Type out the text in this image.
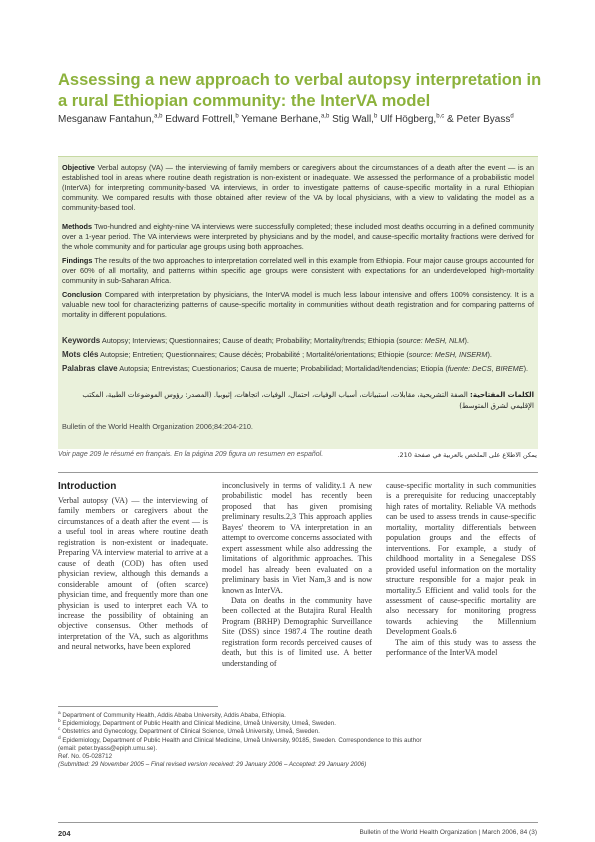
Assessing a new approach to verbal autopsy interpretation in a rural Ethiopian community: the InterVA model
Mesganaw Fantahun,$^{a,b}$ Edward Fottrell,$^b$ Yemane Berhane,$^{a,b}$ Stig Wall,$^b$ Ulf Högberg,$^{b,c}$ & Peter Byass$^d$

Objective Verbal autopsy (VA) — the interviewing of family members or caregivers about the circumstances of a death after the event — is an established tool in areas where routine death registration is non-existent or inadequate. We assessed the performance of a probabilistic model (InterVA) for interpreting community-based VA interviews, in order to investigate patterns of cause-specific mortality in a rural Ethiopian community. We compared results with those obtained after review of the VA by local physicians, with a view to validating the model as a community-based tool.

Methods Two-hundred and eighty-nine VA interviews were successfully completed; these included most deaths occurring in a defined community over a 1-year period. The VA interviews were interpreted by physicians and by the model, and cause-specific mortality fractions were derived for the whole community and for particular age groups using both approaches.

Findings The results of the two approaches to interpretation correlated well in this example from Ethiopia. Four major cause groups accounted for over 60% of all mortality, and patterns within specific age groups were consistent with expectations for an underdeveloped high-mortality community in sub-Saharan Africa.

Conclusion Compared with interpretation by physicians, the InterVA model is much less labour intensive and offers 100% consistency. It is a valuable new tool for characterizing patterns of cause-specific mortality in communities without death registration and for comparing patterns of mortality in different populations.

Keywords Autopsy; Interviews; Questionnaires; Cause of death; Probability; Mortality/trends; Ethiopia (source: MeSH, NLM).

Mots clés Autopsie; Entretien; Questionnaires; Cause décès; Probabilité ; Mortalité/orientations; Ethiopie (source: MeSH, INSERM).

Palabras clave Autopsia; Entrevistas; Cuestionarios; Causa de muerte; Probabilidad; Mortalidad/tendencias; Etiopía (fuente: DeCS, BIREME).

الكلمات المفتاحية: الصفة التشريحية، مقابلات، استبيانات، أسباب الوفيات، احتمال، الوفيات، اتجاهات، إثيوبيا. (المصدر: رؤوس الموضوعات الطبية، المكتب الإقليمي لشرق المتوسط)

Bulletin of the World Health Organization 2006;84:204-210.
Voir page 209 le résumé en français. En la página 209 figura un resumen en español.	يمكن الاطلاع على الملخص بالعربية في صفحة 210.
Introduction

Verbal autopsy (VA) — the interviewing of family members or caregivers about the circumstances of a death after the event — is a useful tool in areas where routine death registration is non-existent or inadequate. Preparing VA interview material to arrive at a cause of death (COD) has often used physician review, although this demands a considerable amount of (often scarce) physician time, and frequently more than one physician is used to interpret each VA to increase the possibility of obtaining an objective consensus. Other methods of interpretation of the VA, such as algorithms and neural networks, have been explored

inconclusively in terms of validity.1 A new probabilistic model has recently been proposed that has given promising preliminary results.2,3 This approach applies Bayes' theorem to VA interpretation in an attempt to overcome concerns associated with expert assessment while also addressing the limitations of algorithmic approaches. This model has already been evaluated on a preliminary basis in Viet Nam,3 and is now known as InterVA.

Data on deaths in the community have been collected at the Butajira Rural Health Program (BRHP) Demographic Surveillance Site (DSS) since 1987.4 The routine death registration form records perceived causes of death, but this is of limited use. A better understanding of

cause-specific mortality in such communities is a prerequisite for reducing unacceptably high rates of mortality. Reliable VA methods can be used to assess trends in cause-specific mortality, mortality differentials between population groups and the effects of interventions. For example, a study of childhood mortality in a Senegalese DSS provided useful information on the mortality structure responsible for a major peak in mortality.5 Efficient and valid tools for the assessment of cause-specific mortality are also necessary for monitoring progress towards achieving the Millennium Development Goals.6

The aim of this study was to assess the performance of the InterVA model

$^a$ Department of Community Health, Addis Ababa University, Addis Ababa, Ethiopia.

$^b$ Epidemiology, Department of Public Health and Clinical Medicine, Umeå University, Umeå, Sweden.

$^c$ Obstetrics and Gynecology, Department of Clinical Science, Umeå University, Umeå, Sweden.

$^d$ Epidemiology, Department of Public Health and Clinical Medicine, Umeå University, 90185, Sweden. Correspondence to this author

(email: peter.byass@epiph.umu.se).

Ref. No. 05-028712

(Submitted: 29 November 2005 – Final revised version received: 29 January 2006 – Accepted: 29 January 2006)

204	Bulletin of the World Health Organization | March 2006, 84 (3)
